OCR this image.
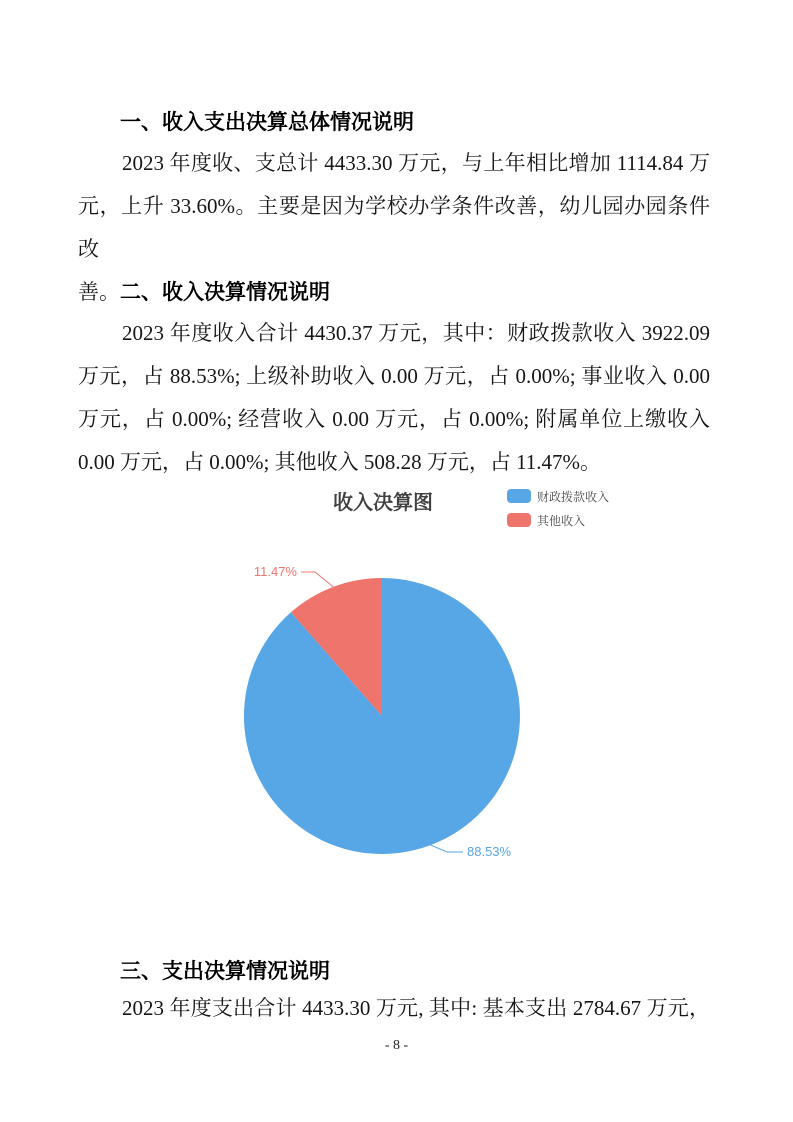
一、收入支出决算总体情况说明
2023 年度收、支总计 4433.30 万元，与上年相比增加 1114.84 万
元，上升 33.60%。主要是因为学校办学条件改善，幼儿园办园条件改
善。 二、收入决算情况说明
2023 年度收入合计 4430.37 万元，其中：财政拨款收入 3922.09
万元，占 88.53%; 上级补助收入 0.00 万元，占 0.00%; 事业收入 0.00
万元，占 0.00%; 经营收入 0.00 万元，占 0.00%; 附属单位上缴收入
0.00 万元，占 0.00%; 其他收入 508.28 万元，占 11.47%。
收入决算图	财政拨款收入
其他收入
11.47%
88.53%
三、支出决算情况说明
2023 年度支出合计 4433.30 万元, 其中: 基本支出 2784.67 万元，
- 8 -
